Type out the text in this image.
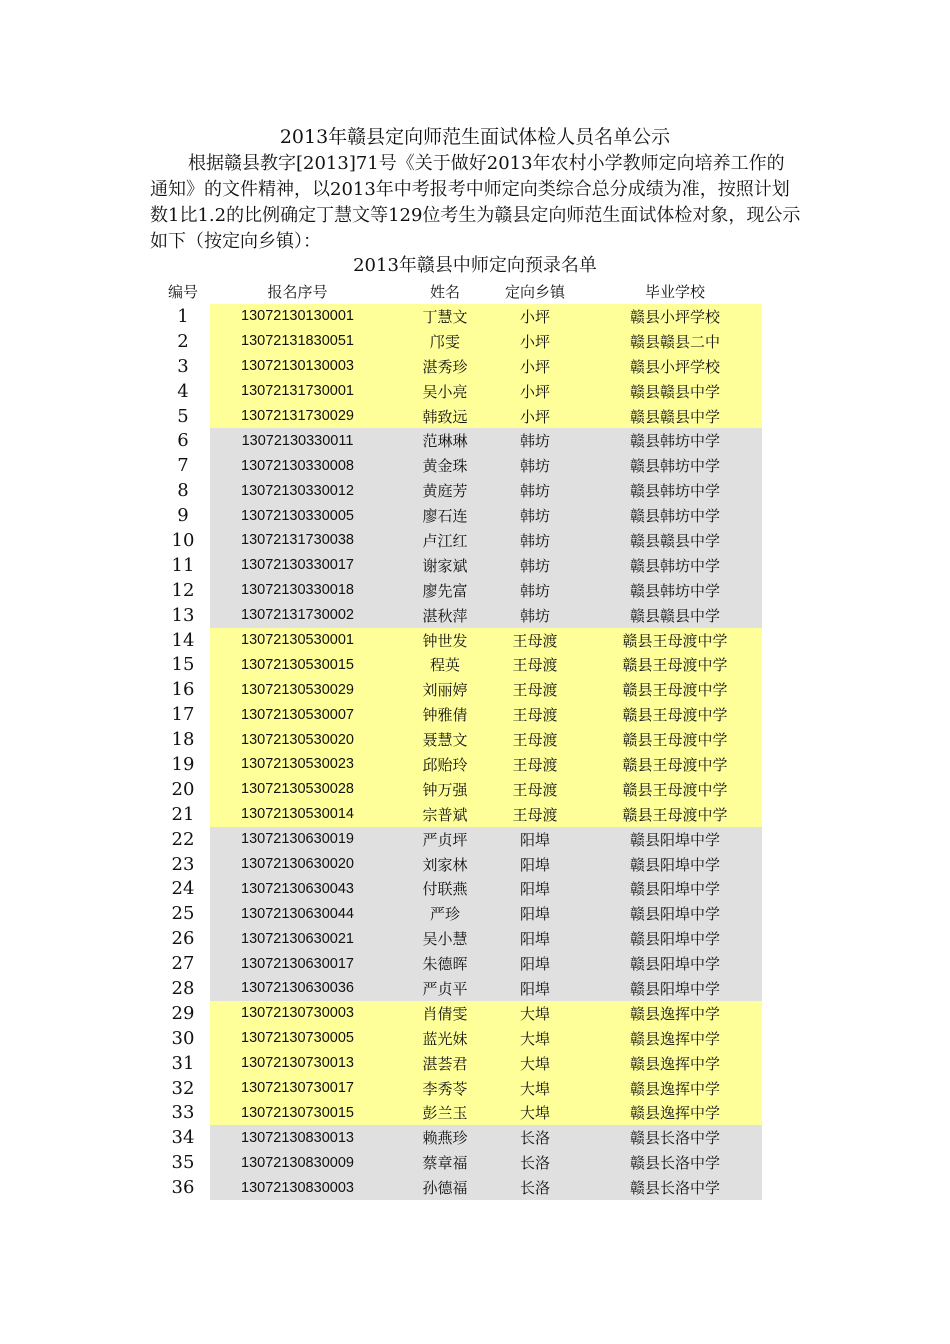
2013年赣县定向师范生面试体检人员名单公示

根据赣县教字[2013]71号《关于做好2013年农村小学教师定向培养工作的通知》的文件精神，以2013年中考报考中师定向类综合总分成绩为准，按照计划数1比1.2的比例确定丁慧文等129位考生为赣县定向师范生面试体检对象，现公示如下（按定向乡镇）：

2013年赣县中师定向预录名单
编号	报名序号	姓名	定向乡镇	毕业学校
1	13072130130001	丁慧文	小坪	赣县小坪学校
2	13072131830051	邝雯	小坪	赣县赣县二中
3	13072130130003	湛秀珍	小坪	赣县小坪学校
4	13072131730001	吴小亮	小坪	赣县赣县中学
5	13072131730029	韩致远	小坪	赣县赣县中学
6	13072130330011	范琳琳	韩坊	赣县韩坊中学
7	13072130330008	黄金珠	韩坊	赣县韩坊中学
8	13072130330012	黄庭芳	韩坊	赣县韩坊中学
9	13072130330005	廖石连	韩坊	赣县韩坊中学
10	13072131730038	卢江红	韩坊	赣县赣县中学
11	13072130330017	谢家斌	韩坊	赣县韩坊中学
12	13072130330018	廖先富	韩坊	赣县韩坊中学
13	13072131730002	湛秋萍	韩坊	赣县赣县中学
14	13072130530001	钟世发	王母渡	赣县王母渡中学
15	13072130530015	程英	王母渡	赣县王母渡中学
16	13072130530029	刘丽婷	王母渡	赣县王母渡中学
17	13072130530007	钟雅倩	王母渡	赣县王母渡中学
18	13072130530020	聂慧文	王母渡	赣县王母渡中学
19	13072130530023	邱贻玲	王母渡	赣县王母渡中学
20	13072130530028	钟万强	王母渡	赣县王母渡中学
21	13072130530014	宗普斌	王母渡	赣县王母渡中学
22	13072130630019	严贞坪	阳埠	赣县阳埠中学
23	13072130630020	刘家林	阳埠	赣县阳埠中学
24	13072130630043	付联燕	阳埠	赣县阳埠中学
25	13072130630044	严珍	阳埠	赣县阳埠中学
26	13072130630021	吴小慧	阳埠	赣县阳埠中学
27	13072130630017	朱德晖	阳埠	赣县阳埠中学
28	13072130630036	严贞平	阳埠	赣县阳埠中学
29	13072130730003	肖倩雯	大埠	赣县逸挥中学
30	13072130730005	蓝光妹	大埠	赣县逸挥中学
31	13072130730013	湛荟君	大埠	赣县逸挥中学
32	13072130730017	李秀苓	大埠	赣县逸挥中学
33	13072130730015	彭兰玉	大埠	赣县逸挥中学
34	13072130830013	赖燕珍	长洛	赣县长洛中学
35	13072130830009	蔡章福	长洛	赣县长洛中学
36	13072130830003	孙德福	长洛	赣县长洛中学
